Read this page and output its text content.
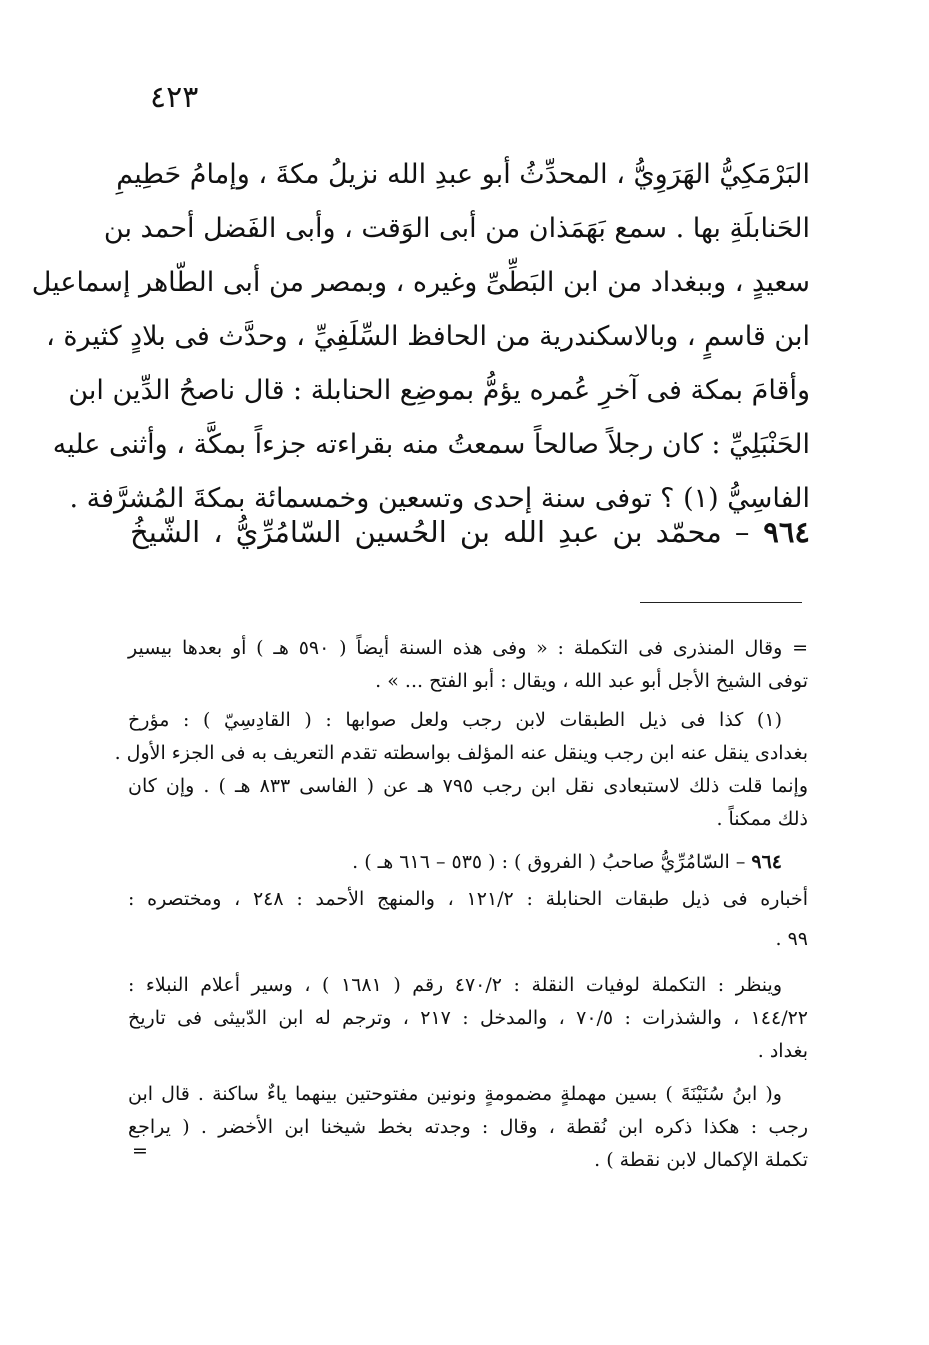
٤٢٣
البَرْمَكِيُّ الهَرَوِيُّ ، المحدِّثُ أبو عبدِ الله نزيلُ مكةَ ، وإمامُ حَطِيمِ
الحَنابلَةِ بها . سمع بَهَمَذان من أبى الوَقت ، وأبى الفَضل أحمد بن
سعيدٍ ، وببغداد من ابن البَطِّىِّ وغيره ، وبمصر من أبى الطّاهر إسماعيل
ابن قاسمٍ ، وبالاسكندرية من الحافظ السِّلَفِيِّ ، وحدَّث فى بلادٍ كثيرة ،
وأقامَ بمكة فى آخرِ عُمره يؤمُّ بموضِع الحنابلة : قال ناصحُ الدِّين ابن
الحَنْبَلِيِّ : كان رجلاً صالحاً سمعتُ منه بقراءته جزءاً بمكَّة ، وأثنى عليه
الفاسِيُّ (١) ؟ توفى سنة إحدى وتسعين وخمسمائة بمكةَ المُشرَّفة .
٩٦٤ – محمّد بن عبدِ الله بن الحُسين السّامُرِّيُّ ، الشّيخُ
= وقال المنذرى فى التكملة : « وفى هذه السنة أيضاً ( ٥٩٠ هـ ) أو بعدها بيسير
توفى الشيخ الأجل أبو عبد الله ، ويقال : أبو الفتح ... » .
(١) كذا فى ذيل الطبقات لابن رجب ولعل صوابها : ( القادِسِيّ ) : مؤرخ
بغدادى ينقل عنه ابن رجب وينقل عنه المؤلف بواسطته تقدم التعريف به فى الجزء الأول .
وإنما قلت ذلك لاستبعادى نقل ابن رجب ٧٩٥ هـ عن ( الفاسى ٨٣٣ هـ ) . وإن كان
ذلك ممكناً .
٩٦٤ – السّامُرِّيُّ صاحبُ ( الفروق ) : ( ٥٣٥ – ٦١٦ هـ ) .
أخباره فى ذيل طبقات الحنابلة : ١٢١/٢ ، والمنهج الأحمد : ٢٤٨ ، ومختصره :
٩٩ .
وينظر : التكملة لوفيات النقلة : ٤٧٠/٢ رقم ( ١٦٨١ ) ، وسير أعلام النبلاء :
١٤٤/٢٢ ، والشذرات : ٧٠/٥ ، والمدخل : ٢١٧ ، وترجم له ابن الدّبيثى فى تاريخ
بغداد .
و( ابنُ سُنَيْنَةَ ) بسين مهملةٍ مضمومةٍ ونونين مفتوحتين بينهما ياءٌ ساكنة . قال ابن
رجب : هكذا ذكره ابن نُقطة ، وقال : وجدته بخط شيخنا ابن الأخضر . ( يراجع
تكملة الإكمال لابن نقطة ) .
=
